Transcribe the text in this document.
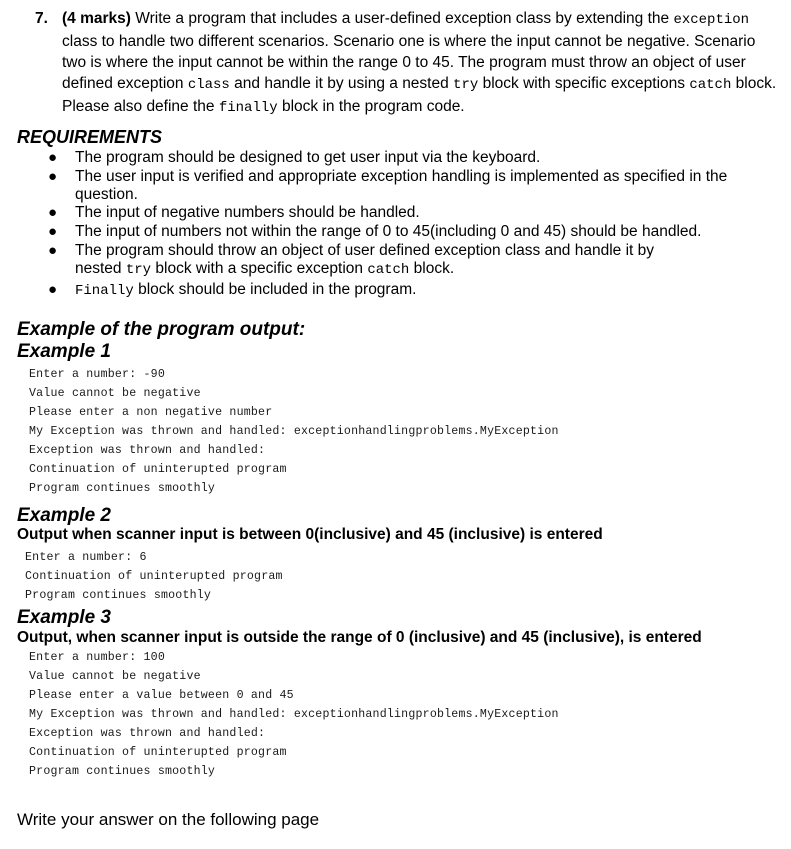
7. (4 marks) Write a program that includes a user-defined exception class by extending the exception class to handle two different scenarios. Scenario one is where the input cannot be negative. Scenario two is where the input cannot be within the range 0 to 45. The program must throw an object of user defined exception class and handle it by using a nested try block with specific exceptions catch block. Please also define the finally block in the program code.
REQUIREMENTS
● The program should be designed to get user input via the keyboard.
● The user input is verified and appropriate exception handling is implemented as specified in the question.
● The input of negative numbers should be handled.
● The input of numbers not within the range of 0 to 45(including 0 and 45) should be handled.
● The program should throw an object of user defined exception class and handle it by nested try block with a specific exception catch block.
● Finally block should be included in the program.
Example of the program output:
Example 1
Enter a number: -90
Value cannot be negative
Please enter a non negative number
My Exception was thrown and handled: exceptionhandlingproblems.MyException
Exception was thrown and handled:
Continuation of uninterupted program
Program continues smoothly
Example 2
Output when scanner input is between 0(inclusive) and 45 (inclusive) is entered
Enter a number: 6
Continuation of uninterupted program
Program continues smoothly
Example 3
Output, when scanner input is outside the range of 0 (inclusive) and 45 (inclusive), is entered
Enter a number: 100
Value cannot be negative
Please enter a value between 0 and 45
My Exception was thrown and handled: exceptionhandlingproblems.MyException
Exception was thrown and handled:
Continuation of uninterupted program
Program continues smoothly
Write your answer on the following page
